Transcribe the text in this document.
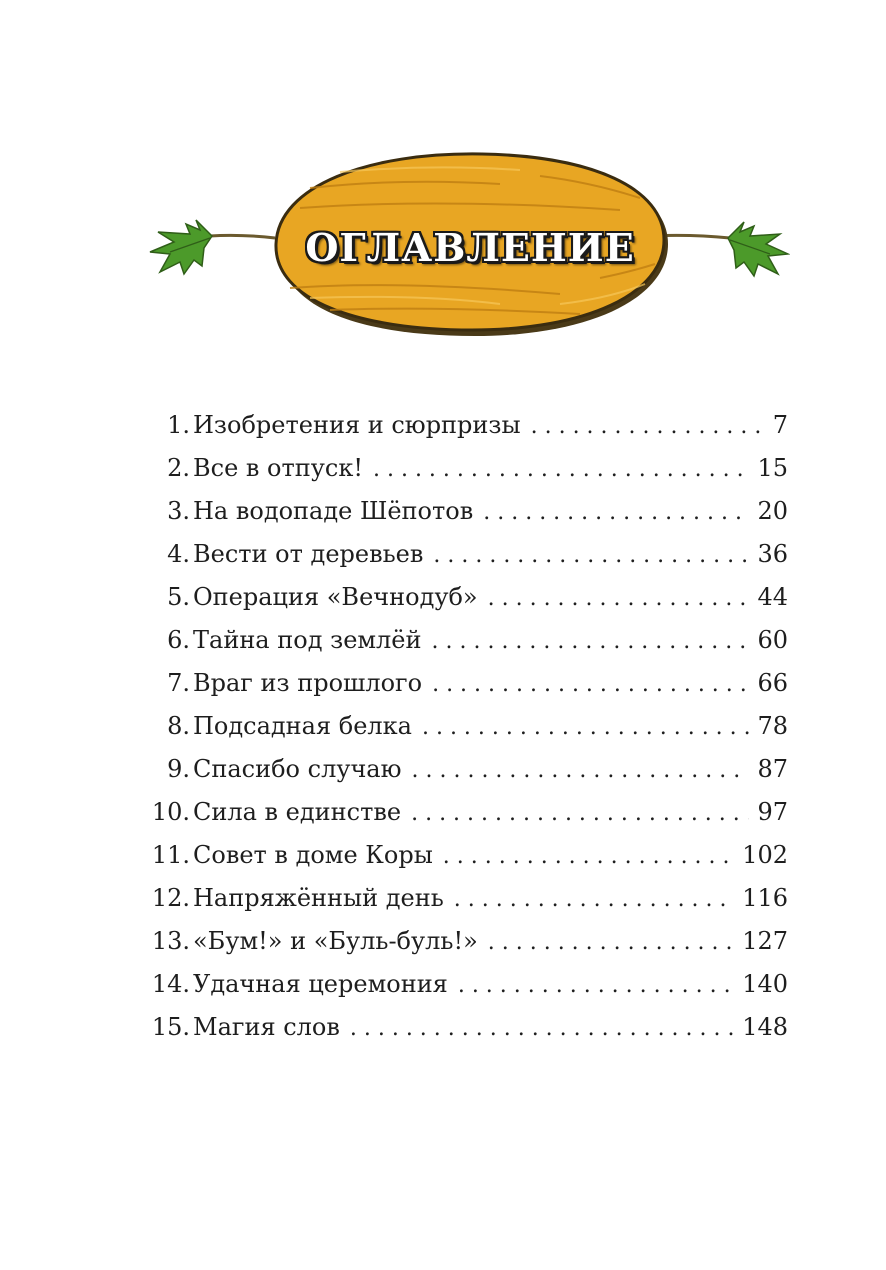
ОГЛАВЛЕНИЕ
1. Изобретения и сюрпризы . . .	7
2. Все в отпуск! . . .	15
3. На водопаде Шёпотов . . .	20
4. Вести от деревьев . . .	36
5. Операция «Вечнодуб» . . .	44
6. Тайна под землёй . . .	60
7. Враг из прошлого . . .	66
8. Подсадная белка . . .	78
9. Спасибо случаю . . .	87
10. Сила в единстве . . .	97
11. Совет в доме Коры . . .	102
12. Напряжённый день . . .	116
13. «Бум!» и «Буль-буль!» . . .	127
14. Удачная церемония . . .	140
15. Магия слов . . .	148
